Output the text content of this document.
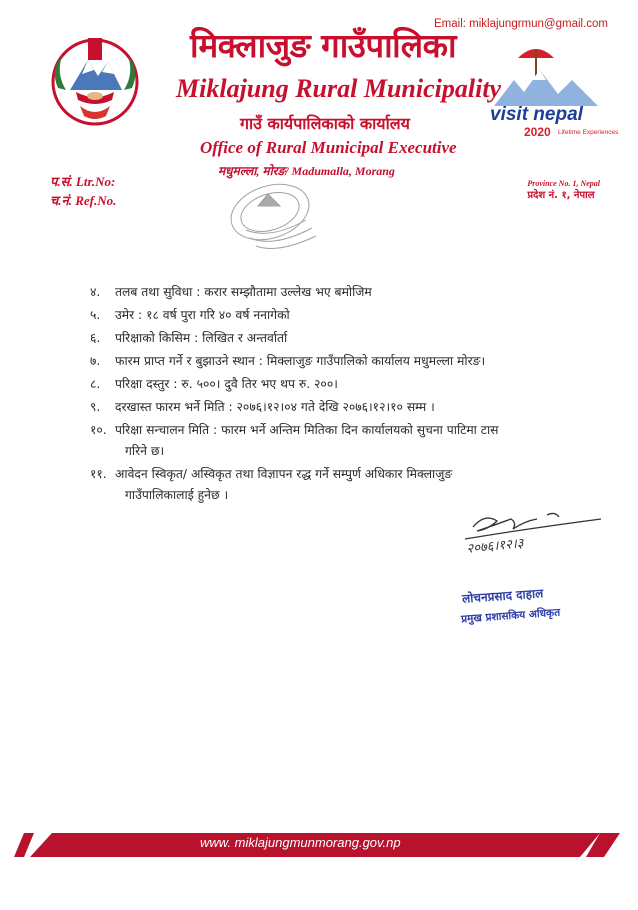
Email: miklajungrmun@gmail.com
मिक्लाजुङ गाउँपालिका
Miklajung Rural Municipality
गाउँ कार्यपालिकाको कार्यालय
Office of Rural Municipal Executive
मधुमल्ला, मोरङ/ Madumalla, Morang
visit nepal
2020 Lifetime Experiences
प.सं. Ltr.No:
च.नं. Ref.No.
Province No. 1, Nepal
प्रदेश नं. १, नेपाल
४.	तलब तथा सुविधा : करार सम्झौतामा उल्लेख भए बमोजिम
५.	उमेर : १८ वर्ष पुरा गरि ४० वर्ष ननागेको
६.	परिक्षाको किसिम : लिखित र अन्तर्वार्ता
७.	फारम प्राप्त गर्ने र बुझाउने स्थान : मिक्लाजुङ गाउँपालिको कार्यालय मधुमल्ला मोरङ।
८.	परिक्षा दस्तुर : रु. ५००। दुवै तिर भए थप रु. २००।
९.	दरखास्त फारम भर्ने मिति : २०७६।१२।०४ गते देखि २०७६।१२।१० सम्म ।
१०. परिक्षा सन्चालन मिति : फारम भर्ने अन्तिम मितिका दिन कार्यालयको सुचना पाटिमा टास
गरिने छ।
११. आवेदन स्विकृत/ अस्विकृत तथा विज्ञापन रद्ध गर्ने सम्पुर्ण अधिकार मिक्लाजुङ
गाउँपालिकालाई हुनेछ ।
२०७६।१२।३
लोचनप्रसाद दाहाल
प्रमुख प्रशासकिय अधिकृत
www. miklajungmunmorang.gov.np
